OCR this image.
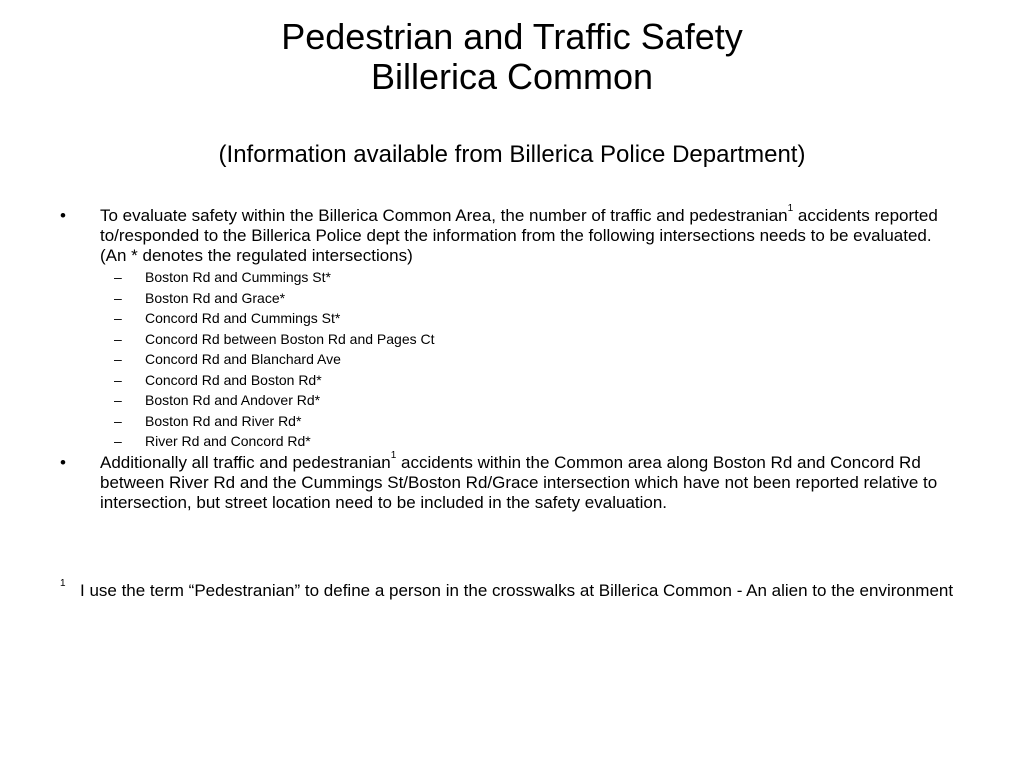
Pedestrian and Traffic Safety
Billerica Common
(Information available from Billerica Police Department)
• To evaluate safety within the Billerica Common Area, the number of traffic and pedestranian$^1$ accidents reported to/responded to the Billerica Police dept the information from the following intersections needs to be evaluated. (An * denotes the regulated intersections)
– Boston Rd and Cummings St*
– Boston Rd and Grace*
– Concord Rd and Cummings St*
– Concord Rd between Boston Rd and Pages Ct
– Concord Rd and Blanchard Ave
– Concord Rd and Boston Rd*
– Boston Rd and Andover Rd*
– Boston Rd and River Rd*
– River Rd and Concord Rd*
• Additionally all traffic and pedestranian$^1$ accidents within the Common area along Boston Rd and Concord Rd between River Rd and the Cummings St/Boston Rd/Grace intersection which have not been reported relative to intersection, but street location need to be included in the safety evaluation.
$^1$ I use the term “Pedestranian” to define a person in the crosswalks at Billerica Common - An alien to the environment
